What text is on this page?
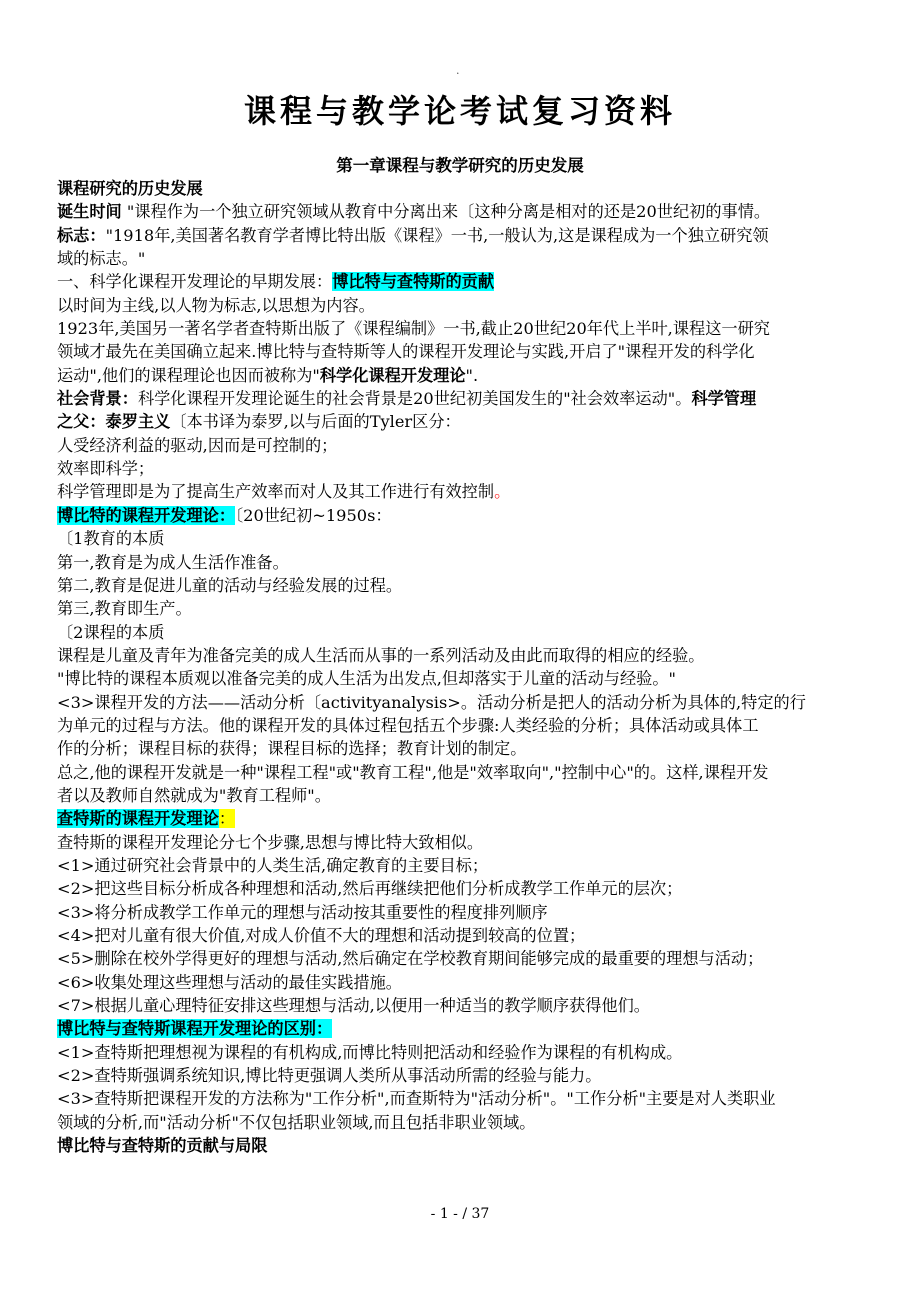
.
课程与教学论考试复习资料
第一章课程与教学研究的历史发展
课程研究的历史发展
诞生时间 "课程作为一个独立研究领域从教育中分离出来〔这种分离是相对的还是20世纪初的事情。
标志："1918年,美国著名教育学者博比特出版《课程》一书,一般认为,这是课程成为一个独立研究领
域的标志。"
一、科学化课程开发理论的早期发展：博比特与查特斯的贡献
以时间为主线,以人物为标志,以思想为内容。
1923年,美国另一著名学者查特斯出版了《课程编制》一书,截止20世纪20年代上半叶,课程这一研究
领域才最先在美国确立起来.博比特与查特斯等人的课程开发理论与实践,开启了"课程开发的科学化
运动",他们的课程理论也因而被称为"科学化课程开发理论".
社会背景：科学化课程开发理论诞生的社会背景是20世纪初美国发生的"社会效率运动"。科学管理
之父：泰罗主义〔本书译为泰罗,以与后面的Tyler区分：
人受经济利益的驱动,因而是可控制的；
效率即科学；
科学管理即是为了提高生产效率而对人及其工作进行有效控制。
博比特的课程开发理论：〔20世纪初~1950s：
〔1教育的本质
第一,教育是为成人生活作准备。
第二,教育是促进儿童的活动与经验发展的过程。
第三,教育即生产。
〔2课程的本质
课程是儿童及青年为准备完美的成人生活而从事的一系列活动及由此而取得的相应的经验。
"博比特的课程本质观以准备完美的成人生活为出发点,但却落实于儿童的活动与经验。"
<3>课程开发的方法——活动分析〔activityanalysis>。活动分析是把人的活动分析为具体的,特定的行
为单元的过程与方法。他的课程开发的具体过程包括五个步骤:人类经验的分析；具体活动或具体工
作的分析；课程目标的获得；课程目标的选择；教育计划的制定。
总之,他的课程开发就是一种"课程工程"或"教育工程",他是"效率取向","控制中心"的。这样,课程开发
者以及教师自然就成为"教育工程师"。
查特斯的课程开发理论：
查特斯的课程开发理论分七个步骤,思想与博比特大致相似。
<1>通过研究社会背景中的人类生活,确定教育的主要目标；
<2>把这些目标分析成各种理想和活动,然后再继续把他们分析成教学工作单元的层次；
<3>将分析成教学工作单元的理想与活动按其重要性的程度排列顺序
<4>把对儿童有很大价值,对成人价值不大的理想和活动提到较高的位置；
<5>删除在校外学得更好的理想与活动,然后确定在学校教育期间能够完成的最重要的理想与活动；
<6>收集处理这些理想与活动的最佳实践措施。
<7>根据儿童心理特征安排这些理想与活动,以便用一种适当的教学顺序获得他们。
博比特与查特斯课程开发理论的区别：
<1>查特斯把理想视为课程的有机构成,而博比特则把活动和经验作为课程的有机构成。
<2>查特斯强调系统知识,博比特更强调人类所从事活动所需的经验与能力。
<3>查特斯把课程开发的方法称为"工作分析",而查斯特为"活动分析"。"工作分析"主要是对人类职业
领域的分析,而"活动分析"不仅包括职业领域,而且包括非职业领域。
博比特与查特斯的贡献与局限
- 1 - / 37
